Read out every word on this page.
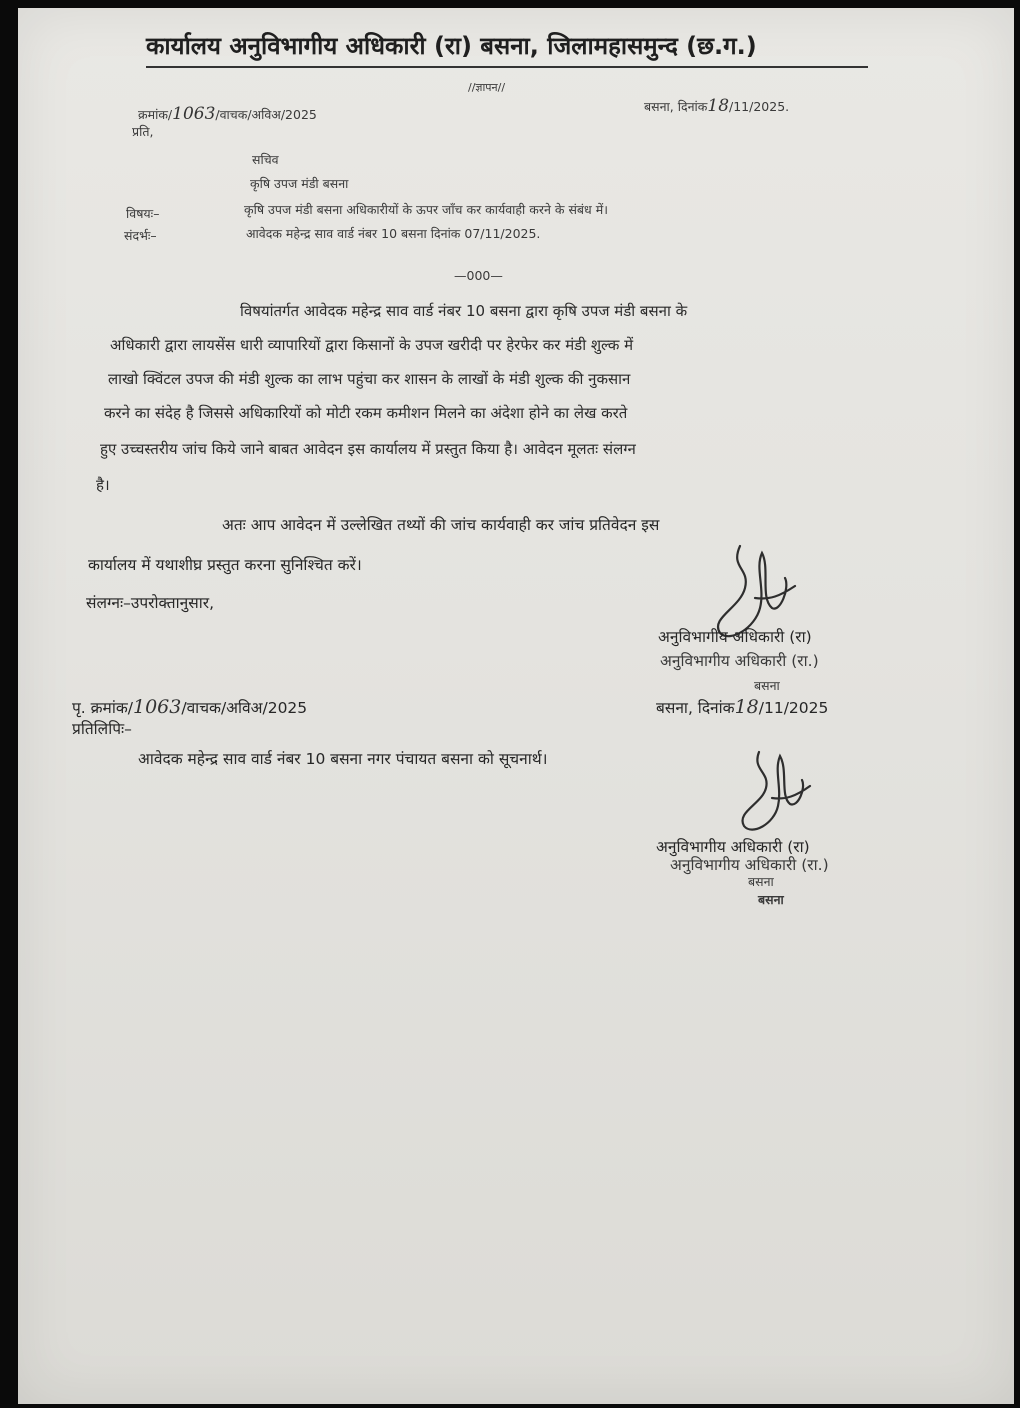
कार्यालय अनुविभागीय अधिकारी (रा) बसना, जिलामहासमुन्द (छ.ग.)
//ज्ञापन//
क्रमांक/1063/वाचक/अविअ/2025
बसना, दिनांक18/11/2025.
प्रति,
सचिव
कृषि उपज मंडी बसना
विषयः–	कृषि उपज मंडी बसना अधिकारीयों के ऊपर जाँच कर कार्यवाही करने के संबंध में।
संदर्भः–	आवेदक महेन्द्र साव वार्ड नंबर 10 बसना दिनांक 07/11/2025.
—000—
विषयांतर्गत आवेदक महेन्द्र साव वार्ड नंबर 10 बसना द्वारा कृषि उपज मंडी बसना के
अधिकारी द्वारा लायसेंस धारी व्यापारियों द्वारा किसानों के उपज खरीदी पर हेरफेर कर मंडी शुल्क में
लाखो क्विंटल उपज की मंडी शुल्क का लाभ पहुंचा कर शासन के लाखों के मंडी शुल्क की नुकसान
करने का संदेह है जिससे अधिकारियों को मोटी रकम कमीशन मिलने का अंदेशा होने का लेख करते
हुए उच्चस्तरीय जांच किये जाने बाबत आवेदन इस कार्यालय में प्रस्तुत किया है। आवेदन मूलतः संलग्न
है।
अतः आप आवेदन में उल्लेखित तथ्यों की जांच कार्यवाही कर जांच प्रतिवेदन इस
कार्यालय में यथाशीघ्र प्रस्तुत करना सुनिश्चित करें।
संलग्नः–उपरोक्तानुसार,
अनुविभागीय अधिकारी (रा)
अनुविभागीय अधिकारी (रा.)
बसना
पृ. क्रमांक/1063/वाचक/अविअ/2025	बसना, दिनांक18/11/2025
प्रतिलिपिः–
आवेदक महेन्द्र साव वार्ड नंबर 10 बसना नगर पंचायत बसना को सूचनार्थ।
अनुविभागीय अधिकारी (रा)
अनुविभागीय अधिकारी (रा.)
बसना
बसना
